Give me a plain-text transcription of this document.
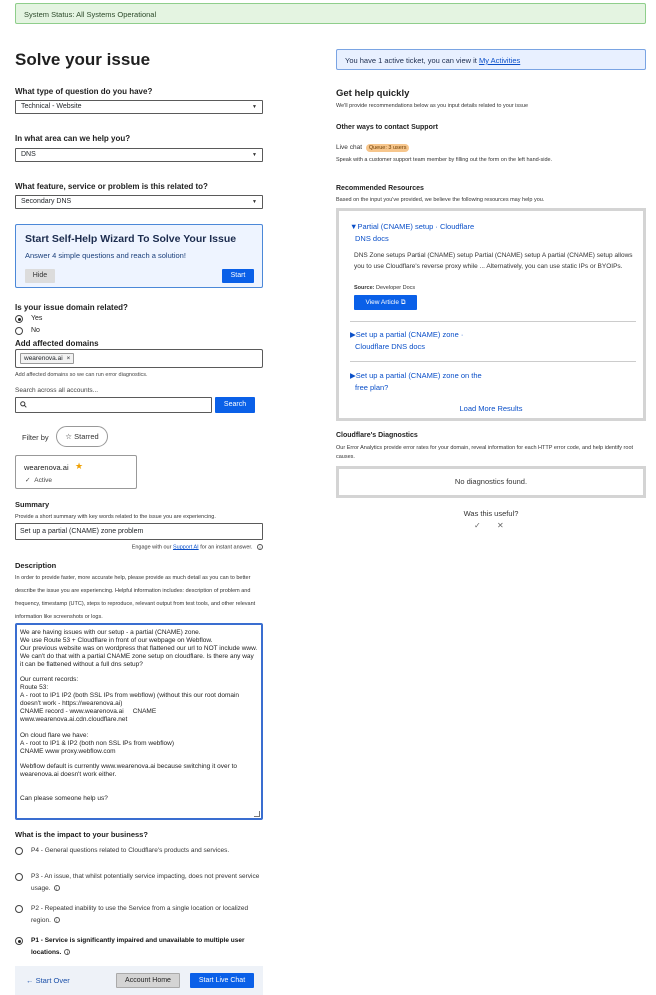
System Status: All Systems Operational
Solve your issue
What type of question do you have?
Technical - Website	▼
In what area can we help you?
DNS	▼
What feature, service or problem is this related to?
Secondary DNS	▼
Start Self-Help Wizard To Solve Your Issue
Answer 4 simple questions and reach a solution!
Hide	Start
Is your issue domain related?
Yes
No
Add affected domains
wearenova.ai ×
Add affected domains so we can run error diagnostics.
Search across all accounts...
Search
Filter by	☆ Starred
wearenova.ai ★
✓ Active
Summary
Provide a short summary with key words related to the issue you are experiencing.
Set up a partial (CNAME) zone problem
Engage with our Support AI for an instant answer. i
Description
In order to provide faster, more accurate help, please provide as much detail as you can to better describe the issue you are experiencing. Helpful information includes: description of problem and frequency, timestamp (UTC), steps to reproduce, relevant output from test tools, and other relevant information like screenshots or logs.
We are having issues with our setup - a partial (CNAME) zone.
We use Route 53 + Cloudflare in front of our webpage on Webflow.
Our previous website was on wordpress that flattened our url to NOT include www. We can't do that with a partial CNAME zone setup on cloudflare. Is there any way it can be flattened without a full dns setup?

Our current records:
Route 53:
A - root to IP1 IP2 (both SSL IPs from webflow) (without this our root domain doesn't work - https://wearenova.ai)
CNAME record - www.wearenova.ai     CNAME
www.wearenova.ai.cdn.cloudflare.net

On cloud flare we have:
A - root to IP1 & IP2 (both non SSL IPs from webflow)
CNAME www proxy.webflow.com

Webflow default is currently www.wearenova.ai because switching it over to wearenova.ai doesn't work either.

Can please someone help us?
What is the impact to your business?
P4 - General questions related to Cloudflare's products and services.
P3 - An issue, that whilst potentially service impacting, does not prevent service usage. i
P2 - Repeated inability to use the Service from a single location or localized region. i
P1 - Service is significantly impaired and unavailable to multiple user locations. i
← Start Over	Account Home	Start Live Chat
You have 1 active ticket, you can view it My Activities
Get help quickly
We'll provide recommendations below as you input details related to your issue
Other ways to contact Support
Live chat Queue: 3 users
Speak with a customer support team member by filling out the form on the left hand-side.
Recommended Resources
Based on the input you've provided, we believe the following resources may help you.
▼Partial (CNAME) setup · Cloudflare
DNS docs
DNS Zone setups Partial (CNAME) setup Partial (CNAME) setup A partial (CNAME) setup allows you to use Cloudflare's reverse proxy while ... Alternatively, you can use static IPs or BYOIPs.
Source: Developer Docs
View Article ⧉
▶Set up a partial (CNAME) zone ·
Cloudflare DNS docs
▶Set up a partial (CNAME) zone on the
free plan?
Load More Results
Cloudflare's Diagnostics
Our Error Analytics provide error rates for your domain, reveal information for each HTTP error code, and help identify root causes.
No diagnostics found.
Was this useful?
✓ ✕
